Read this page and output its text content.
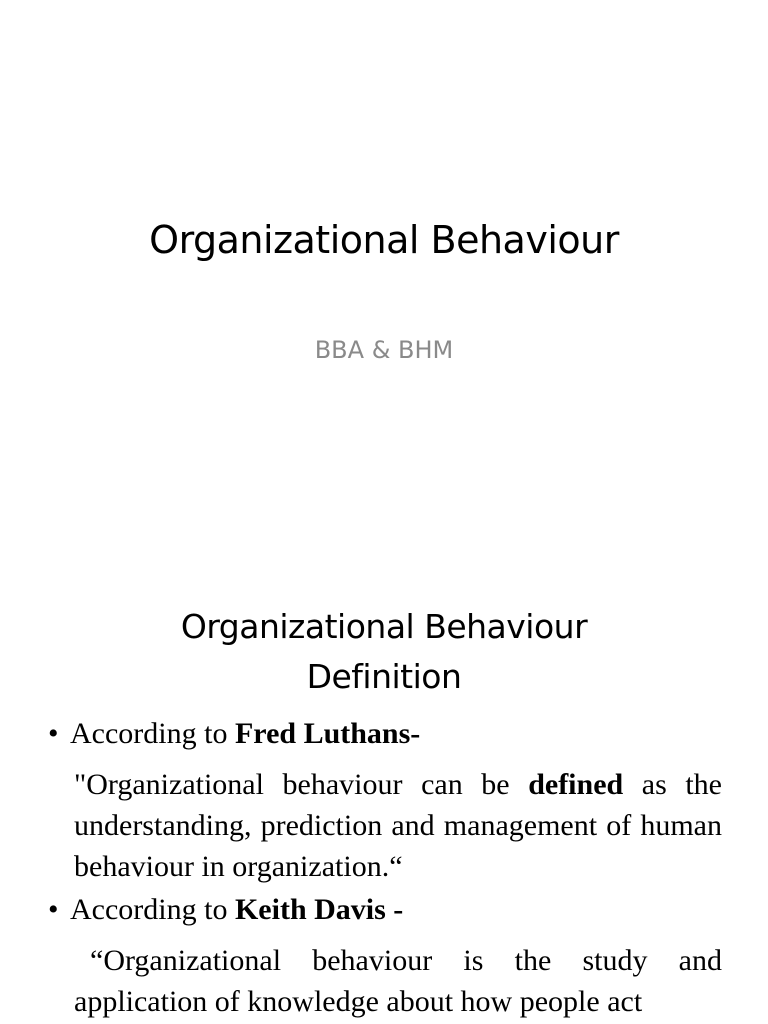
Organizational Behaviour
BBA & BHM
Organizational Behaviour
Definition
• According to Fred Luthans-
"Organizational behaviour can be defined as the understanding, prediction and management of human behaviour in organization.“
• According to Keith Davis -
“Organizational behaviour is the study and application of knowledge about how people act
